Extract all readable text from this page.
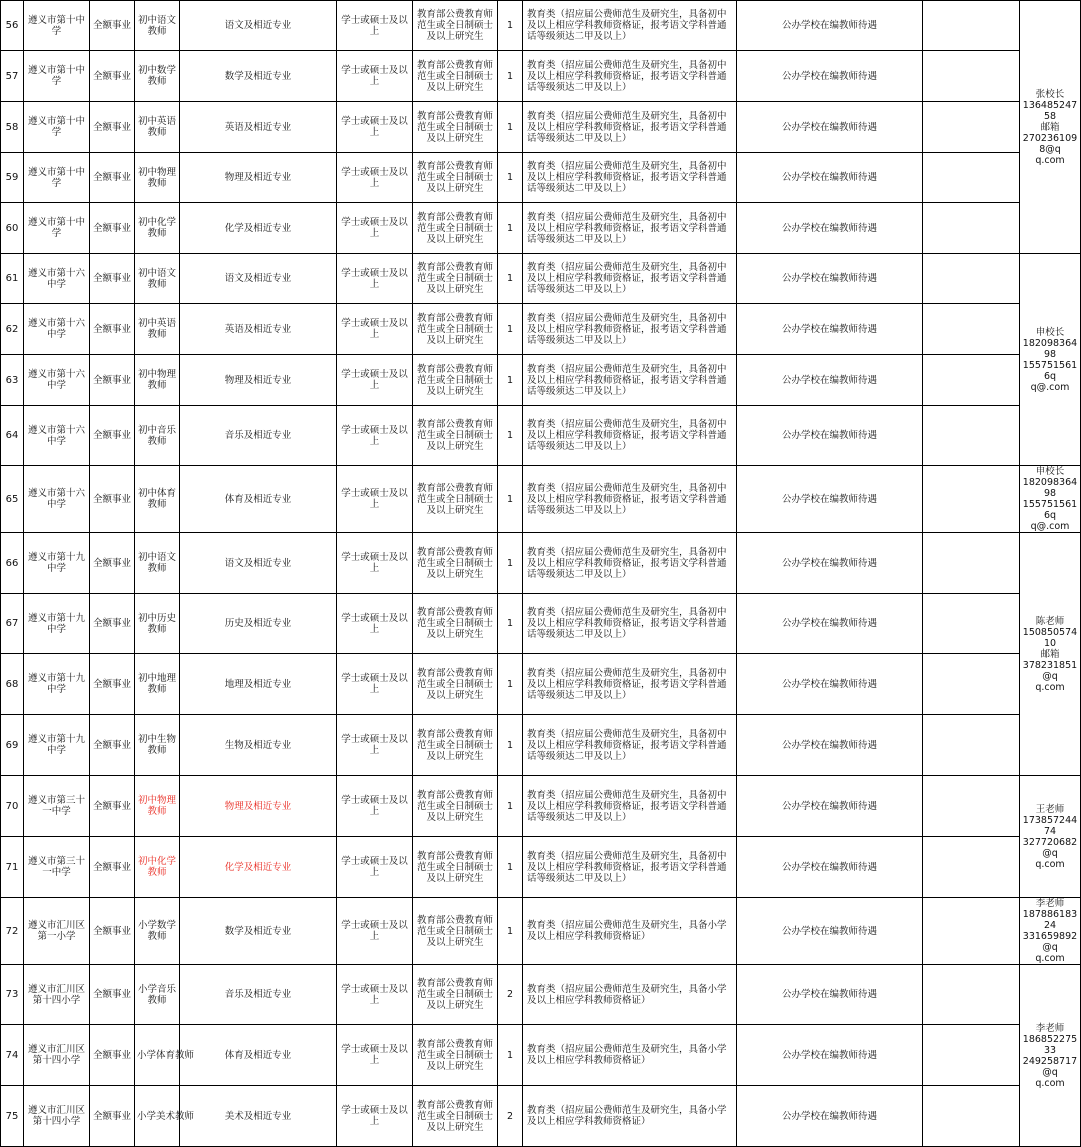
56	遵义市第十中学	全额事业	初中语文教师	语文及相近专业	学士或硕士及以上	教育部公费教育师范生或全日制硕士及以上研究生	1	教育类（招应届公费师范生及研究生，具备初中及以上相应学科教师资格证，报考语文学科普通话等级须达二甲及以上）	公办学校在编教师待遇		张校长
13648524758
邮箱
2702361098@q
q.com

57	遵义市第十中学	全额事业	初中数学教师	数学及相近专业	学士或硕士及以上	教育部公费教育师范生或全日制硕士及以上研究生	1	教育类（招应届公费师范生及研究生，具备初中及以上相应学科教师资格证，报考语文学科普通话等级须达二甲及以上）	公办学校在编教师待遇		
58	遵义市第十中学	全额事业	初中英语教师	英语及相近专业	学士或硕士及以上	教育部公费教育师范生或全日制硕士及以上研究生	1	教育类（招应届公费师范生及研究生，具备初中及以上相应学科教师资格证，报考语文学科普通话等级须达二甲及以上）	公办学校在编教师待遇		
59	遵义市第十中学	全额事业	初中物理教师	物理及相近专业	学士或硕士及以上	教育部公费教育师范生或全日制硕士及以上研究生	1	教育类（招应届公费师范生及研究生，具备初中及以上相应学科教师资格证，报考语文学科普通话等级须达二甲及以上）	公办学校在编教师待遇		
60	遵义市第十中学	全额事业	初中化学教师	化学及相近专业	学士或硕士及以上	教育部公费教育师范生或全日制硕士及以上研究生	1	教育类（招应届公费师范生及研究生，具备初中及以上相应学科教师资格证，报考语文学科普通话等级须达二甲及以上）	公办学校在编教师待遇		
61	遵义市第十六中学	全额事业	初中语文教师	语文及相近专业	学士或硕士及以上	教育部公费教育师范生或全日制硕士及以上研究生	1	教育类（招应届公费师范生及研究生，具备初中及以上相应学科教师资格证，报考语文学科普通话等级须达二甲及以上）	公办学校在编教师待遇		申校长
18209836498
1557515616q
q@.com

62	遵义市第十六中学	全额事业	初中英语教师	英语及相近专业	学士或硕士及以上	教育部公费教育师范生或全日制硕士及以上研究生	1	教育类（招应届公费师范生及研究生，具备初中及以上相应学科教师资格证，报考语文学科普通话等级须达二甲及以上）	公办学校在编教师待遇		
63	遵义市第十六中学	全额事业	初中物理教师	物理及相近专业	学士或硕士及以上	教育部公费教育师范生或全日制硕士及以上研究生	1	教育类（招应届公费师范生及研究生，具备初中及以上相应学科教师资格证，报考语文学科普通话等级须达二甲及以上）	公办学校在编教师待遇		
64	遵义市第十六中学	全额事业	初中音乐教师	音乐及相近专业	学士或硕士及以上	教育部公费教育师范生或全日制硕士及以上研究生	1	教育类（招应届公费师范生及研究生，具备初中及以上相应学科教师资格证，报考语文学科普通话等级须达二甲及以上）	公办学校在编教师待遇		
65	遵义市第十六中学	全额事业	初中体育教师	体育及相近专业	学士或硕士及以上	教育部公费教育师范生或全日制硕士及以上研究生	1	教育类（招应届公费师范生及研究生，具备初中及以上相应学科教师资格证，报考语文学科普通话等级须达二甲及以上）	公办学校在编教师待遇		申校长
18209836498
1557515616q
q@.com

66	遵义市第十九中学	全额事业	初中语文教师	语文及相近专业	学士或硕士及以上	教育部公费教育师范生或全日制硕士及以上研究生	1	教育类（招应届公费师范生及研究生，具备初中及以上相应学科教师资格证，报考语文学科普通话等级须达二甲及以上）	公办学校在编教师待遇		陈老师
15085057410
邮箱
378231851@q
q.com

67	遵义市第十九中学	全额事业	初中历史教师	历史及相近专业	学士或硕士及以上	教育部公费教育师范生或全日制硕士及以上研究生	1	教育类（招应届公费师范生及研究生，具备初中及以上相应学科教师资格证，报考语文学科普通话等级须达二甲及以上）	公办学校在编教师待遇		
68	遵义市第十九中学	全额事业	初中地理教师	地理及相近专业	学士或硕士及以上	教育部公费教育师范生或全日制硕士及以上研究生	1	教育类（招应届公费师范生及研究生，具备初中及以上相应学科教师资格证，报考语文学科普通话等级须达二甲及以上）	公办学校在编教师待遇		
69	遵义市第十九中学	全额事业	初中生物教师	生物及相近专业	学士或硕士及以上	教育部公费教育师范生或全日制硕士及以上研究生	1	教育类（招应届公费师范生及研究生，具备初中及以上相应学科教师资格证，报考语文学科普通话等级须达二甲及以上）	公办学校在编教师待遇		
70	遵义市第三十一中学	全额事业	初中物理教师	物理及相近专业	学士或硕士及以上	教育部公费教育师范生或全日制硕士及以上研究生	1	教育类（招应届公费师范生及研究生，具备初中及以上相应学科教师资格证，报考语文学科普通话等级须达二甲及以上）	公办学校在编教师待遇		王老师
17385724474
327720682@q
q.com

71	遵义市第三十一中学	全额事业	初中化学教师	化学及相近专业	学士或硕士及以上	教育部公费教育师范生或全日制硕士及以上研究生	1	教育类（招应届公费师范生及研究生，具备初中及以上相应学科教师资格证，报考语文学科普通话等级须达二甲及以上）	公办学校在编教师待遇		
72	遵义市汇川区第一小学	全额事业	小学数学教师	数学及相近专业	学士或硕士及以上	教育部公费教育师范生或全日制硕士及以上研究生	1	教育类（招应届公费师范生及研究生，具备小学及以上相应学科教师资格证）	公办学校在编教师待遇		李老师
18788618324
331659892@q
q.com

73	遵义市汇川区第十四小学	全额事业	小学音乐教师	音乐及相近专业	学士或硕士及以上	教育部公费教育师范生或全日制硕士及以上研究生	2	教育类（招应届公费师范生及研究生，具备小学及以上相应学科教师资格证）	公办学校在编教师待遇		李老师
18685227533
249258717@q
q.com

74	遵义市汇川区第十四小学	全额事业	小学体育教师	体育及相近专业	学士或硕士及以上	教育部公费教育师范生或全日制硕士及以上研究生	1	教育类（招应届公费师范生及研究生，具备小学及以上相应学科教师资格证）	公办学校在编教师待遇		
75	遵义市汇川区第十四小学	全额事业	小学美术教师	美术及相近专业	学士或硕士及以上	教育部公费教育师范生或全日制硕士及以上研究生	2	教育类（招应届公费师范生及研究生，具备小学及以上相应学科教师资格证）	公办学校在编教师待遇		
